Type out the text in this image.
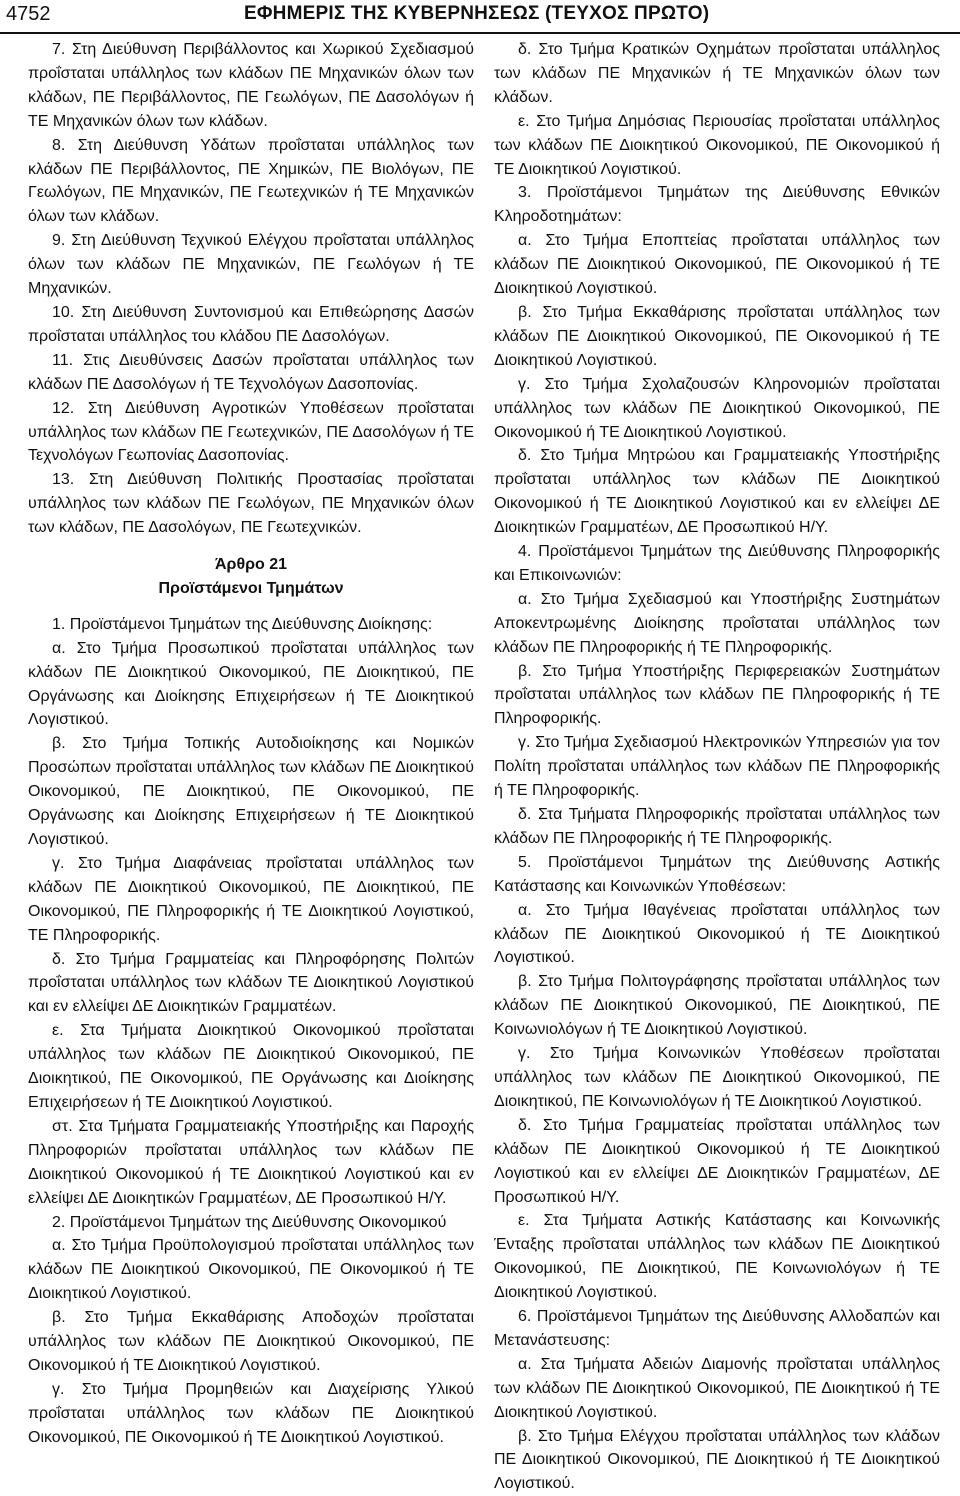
4752	ΕΦΗΜΕΡΙΣ ΤΗΣ ΚΥΒΕΡΝΗΣΕΩΣ (ΤΕΥΧΟΣ ΠΡΩΤΟ)

7. Στη Διεύθυνση Περιβάλλοντος και Χωρικού Σχεδιασμού προΐσταται υπάλληλος των κλάδων ΠΕ Μηχανικών όλων των κλάδων, ΠΕ Περιβάλλοντος, ΠΕ Γεωλόγων, ΠΕ Δασολόγων ή ΤΕ Μηχανικών όλων των κλάδων.

8. Στη Διεύθυνση Υδάτων προΐσταται υπάλληλος των κλάδων ΠΕ Περιβάλλοντος, ΠΕ Χημικών, ΠΕ Βιολόγων, ΠΕ Γεωλόγων, ΠΕ Μηχανικών, ΠΕ Γεωτεχνικών ή ΤΕ Μηχανικών όλων των κλάδων.

9. Στη Διεύθυνση Τεχνικού Ελέγχου προΐσταται υπάλληλος όλων των κλάδων ΠΕ Μηχανικών, ΠΕ Γεωλόγων ή ΤΕ Μηχανικών.

10. Στη Διεύθυνση Συντονισμού και Επιθεώρησης Δασών προΐσταται υπάλληλος του κλάδου ΠΕ Δασολόγων.

11. Στις Διευθύνσεις Δασών προΐσταται υπάλληλος των κλάδων ΠΕ Δασολόγων ή ΤΕ Τεχνολόγων Δασοπονίας.

12. Στη Διεύθυνση Αγροτικών Υποθέσεων προΐσταται υπάλληλος των κλάδων ΠΕ Γεωτεχνικών, ΠΕ Δασολόγων ή ΤΕ Τεχνολόγων Γεωπονίας Δασοπονίας.

13. Στη Διεύθυνση Πολιτικής Προστασίας προΐσταται υπάλληλος των κλάδων ΠΕ Γεωλόγων, ΠΕ Μηχανικών όλων των κλάδων, ΠΕ Δασολόγων, ΠΕ Γεωτεχνικών.

Άρθρο 21

Προϊστάμενοι Τμημάτων

1. Προϊστάμενοι Τμημάτων της Διεύθυνσης Διοίκησης:

α. Στο Τμήμα Προσωπικού προΐσταται υπάλληλος των κλάδων ΠΕ Διοικητικού Οικονομικού, ΠΕ Διοικητικού, ΠΕ Οργάνωσης και Διοίκησης Επιχειρήσεων ή ΤΕ Διοικητικού Λογιστικού.

β. Στο Τμήμα Τοπικής Αυτοδιοίκησης και Νομικών Προσώπων προΐσταται υπάλληλος των κλάδων ΠΕ Διοικητικού Οικονομικού, ΠΕ Διοικητικού, ΠΕ Οικονομικού, ΠΕ Οργάνωσης και Διοίκησης Επιχειρήσεων ή ΤΕ Διοικητικού Λογιστικού.

γ. Στο Τμήμα Διαφάνειας προΐσταται υπάλληλος των κλάδων ΠΕ Διοικητικού Οικονομικού, ΠΕ Διοικητικού, ΠΕ Οικονομικού, ΠΕ Πληροφορικής ή ΤΕ Διοικητικού Λογιστικού, ΤΕ Πληροφορικής.

δ. Στο Τμήμα Γραμματείας και Πληροφόρησης Πολιτών προΐσταται υπάλληλος των κλάδων ΤΕ Διοικητικού Λογιστικού και εν ελλείψει ΔΕ Διοικητικών Γραμματέων.

ε. Στα Τμήματα Διοικητικού Οικονομικού προΐσταται υπάλληλος των κλάδων ΠΕ Διοικητικού Οικονομικού, ΠΕ Διοικητικού, ΠΕ Οικονομικού, ΠΕ Οργάνωσης και Διοίκησης Επιχειρήσεων ή ΤΕ Διοικητικού Λογιστικού.

στ. Στα Τμήματα Γραμματειακής Υποστήριξης και Παροχής Πληροφοριών προΐσταται υπάλληλος των κλάδων ΠΕ Διοικητικού Οικονομικού ή ΤΕ Διοικητικού Λογιστικού και εν ελλείψει ΔΕ Διοικητικών Γραμματέων, ΔΕ Προσωπικού Η/Υ.

2. Προϊστάμενοι Τμημάτων της Διεύθυνσης Οικονομικού

α. Στο Τμήμα Προϋπολογισμού προΐσταται υπάλληλος των κλάδων ΠΕ Διοικητικού Οικονομικού, ΠΕ Οικονομικού ή ΤΕ Διοικητικού Λογιστικού.

β. Στο Τμήμα Εκκαθάρισης Αποδοχών προΐσταται υπάλληλος των κλάδων ΠΕ Διοικητικού Οικονομικού, ΠΕ Οικονομικού ή ΤΕ Διοικητικού Λογιστικού.

γ. Στο Τμήμα Προμηθειών και Διαχείρισης Υλικού προΐσταται υπάλληλος των κλάδων ΠΕ Διοικητικού Οικονομικού, ΠΕ Οικονομικού ή ΤΕ Διοικητικού Λογιστικού.

δ. Στο Τμήμα Κρατικών Οχημάτων προΐσταται υπάλληλος των κλάδων ΠΕ Μηχανικών ή ΤΕ Μηχανικών όλων των κλάδων.

ε. Στο Τμήμα Δημόσιας Περιουσίας προΐσταται υπάλληλος των κλάδων ΠΕ Διοικητικού Οικονομικού, ΠΕ Οικονομικού ή ΤΕ Διοικητικού Λογιστικού.

3. Προϊστάμενοι Τμημάτων της Διεύθυνσης Εθνικών Κληροδοτημάτων:

α. Στο Τμήμα Εποπτείας προΐσταται υπάλληλος των κλάδων ΠΕ Διοικητικού Οικονομικού, ΠΕ Οικονομικού ή ΤΕ Διοικητικού Λογιστικού.

β. Στο Τμήμα Εκκαθάρισης προΐσταται υπάλληλος των κλάδων ΠΕ Διοικητικού Οικονομικού, ΠΕ Οικονομικού ή ΤΕ Διοικητικού Λογιστικού.

γ. Στο Τμήμα Σχολαζουσών Κληρονομιών προΐσταται υπάλληλος των κλάδων ΠΕ Διοικητικού Οικονομικού, ΠΕ Οικονομικού ή ΤΕ Διοικητικού Λογιστικού.

δ. Στο Τμήμα Μητρώου και Γραμματειακής Υποστήριξης προΐσταται υπάλληλος των κλάδων ΠΕ Διοικητικού Οικονομικού ή ΤΕ Διοικητικού Λογιστικού και εν ελλείψει ΔΕ Διοικητικών Γραμματέων, ΔΕ Προσωπικού Η/Υ.

4. Προϊστάμενοι Τμημάτων της Διεύθυνσης Πληροφορικής και Επικοινωνιών:

α. Στο Τμήμα Σχεδιασμού και Υποστήριξης Συστημάτων Αποκεντρωμένης Διοίκησης προΐσταται υπάλληλος των κλάδων ΠΕ Πληροφορικής ή ΤΕ Πληροφορικής.

β. Στο Τμήμα Υποστήριξης Περιφερειακών Συστημάτων προΐσταται υπάλληλος των κλάδων ΠΕ Πληροφορικής ή ΤΕ Πληροφορικής.

γ. Στο Τμήμα Σχεδιασμού Ηλεκτρονικών Υπηρεσιών για τον Πολίτη προΐσταται υπάλληλος των κλάδων ΠΕ Πληροφορικής ή ΤΕ Πληροφορικής.

δ. Στα Τμήματα Πληροφορικής προΐσταται υπάλληλος των κλάδων ΠΕ Πληροφορικής ή ΤΕ Πληροφορικής.

5. Προϊστάμενοι Τμημάτων της Διεύθυνσης Αστικής Κατάστασης και Κοινωνικών Υποθέσεων:

α. Στο Τμήμα Ιθαγένειας προΐσταται υπάλληλος των κλάδων ΠΕ Διοικητικού Οικονομικού ή ΤΕ Διοικητικού Λογιστικού.

β. Στο Τμήμα Πολιτογράφησης προΐσταται υπάλληλος των κλάδων ΠΕ Διοικητικού Οικονομικού, ΠΕ Διοικητικού, ΠΕ Κοινωνιολόγων ή ΤΕ Διοικητικού Λογιστικού.

γ. Στο Τμήμα Κοινωνικών Υποθέσεων προΐσταται υπάλληλος των κλάδων ΠΕ Διοικητικού Οικονομικού, ΠΕ Διοικητικού, ΠΕ Κοινωνιολόγων ή ΤΕ Διοικητικού Λογιστικού.

δ. Στο Τμήμα Γραμματείας προΐσταται υπάλληλος των κλάδων ΠΕ Διοικητικού Οικονομικού ή ΤΕ Διοικητικού Λογιστικού και εν ελλείψει ΔΕ Διοικητικών Γραμματέων, ΔΕ Προσωπικού Η/Υ.

ε. Στα Τμήματα Αστικής Κατάστασης και Κοινωνικής Ένταξης προΐσταται υπάλληλος των κλάδων ΠΕ Διοικητικού Οικονομικού, ΠΕ Διοικητικού, ΠΕ Κοινωνιολόγων ή ΤΕ Διοικητικού Λογιστικού.

6. Προϊστάμενοι Τμημάτων της Διεύθυνσης Αλλοδαπών και Μετανάστευσης:

α. Στα Τμήματα Αδειών Διαμονής προΐσταται υπάλληλος των κλάδων ΠΕ Διοικητικού Οικονομικού, ΠΕ Διοικητικού ή ΤΕ Διοικητικού Λογιστικού.

β. Στο Τμήμα Ελέγχου προΐσταται υπάλληλος των κλάδων ΠΕ Διοικητικού Οικονομικού, ΠΕ Διοικητικού ή ΤΕ Διοικητικού Λογιστικού.
